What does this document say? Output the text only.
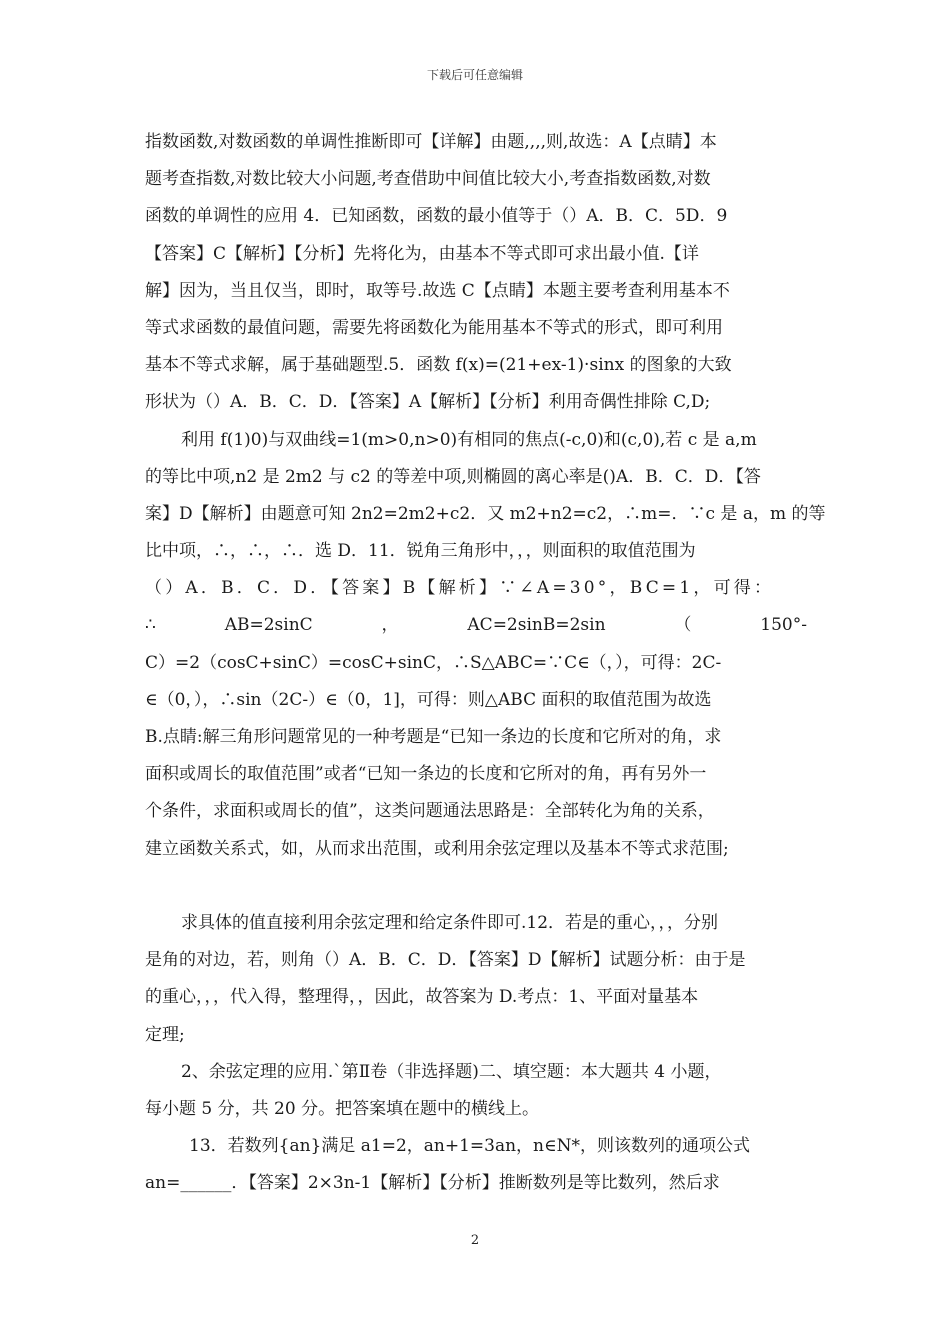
下载后可任意编辑
指数函数,对数函数的单调性推断即可【详解】由题,,,,则,故选：A【点睛】本
题考查指数,对数比较大小问题,考查借助中间值比较大小,考查指数函数,对数
函数的单调性的应用 4．已知函数，函数的最小值等于（）A．B．C．5D．9
【答案】C【解析】【分析】先将化为，由基本不等式即可求出最小值.【详
解】因为，当且仅当，即时，取等号.故选 C【点睛】本题主要考查利用基本不
等式求函数的最值问题，需要先将函数化为能用基本不等式的形式，即可利用
基本不等式求解，属于基础题型.5．函数 f(x)=(21+ex-1)·sinx 的图象的大致
形状为（）A．B．C．D．【答案】A【解析】【分析】利用奇偶性排除 C,D;
利用 f(1)0)与双曲线=1(m>0,n>0)有相同的焦点(-c,0)和(c,0),若 c 是 a,m
的等比中项,n2 是 2m2 与 c2 的等差中项,则椭圆的离心率是()A．B．C．D．【答
案】D【解析】由题意可知 2n2=2m2+c2．又 m2+n2=c2，∴m=．∵c 是 a，m 的等
比中项，∴，∴，∴．选 D．11．锐角三角形中，，，则面积的取值范围为
（）A．B．C．D．【答案】B【解析】∵∠A=30°，BC=1，可得：
∴	AB=2sinC	，	AC=2sinB=2sin	（	150°-
C）=2（cosC+sinC）=cosC+sinC，∴S△ABC=∵C∈（，），可得：2C-
∈（0，），∴sin（2C-）∈（0，1]，可得：则△ABC 面积的取值范围为故选
B.点睛:解三角形问题常见的一种考题是“已知一条边的长度和它所对的角，求
面积或周长的取值范围”或者“已知一条边的长度和它所对的角，再有另外一
个条件，求面积或周长的值”，这类问题通法思路是：全部转化为角的关系，
建立函数关系式，如，从而求出范围，或利用余弦定理以及基本不等式求范围;
求具体的值直接利用余弦定理和给定条件即可.12．若是的重心，，，分别
是角的对边，若，则角（）A．B．C．D．【答案】D【解析】试题分析：由于是
的重心，，，代入得，整理得，，因此，故答案为 D.考点：1、平面对量基本
定理;
2、余弦定理的应用.`第Ⅱ卷（非选择题)二、填空题：本大题共 4 小题，
每小题 5 分，共 20 分。把答案填在题中的横线上。
13．若数列{an}满足 a1=2，an+1=3an，n∈N*，则该数列的通项公式
an=______．【答案】2×3n-1【解析】【分析】推断数列是等比数列，然后求
2
